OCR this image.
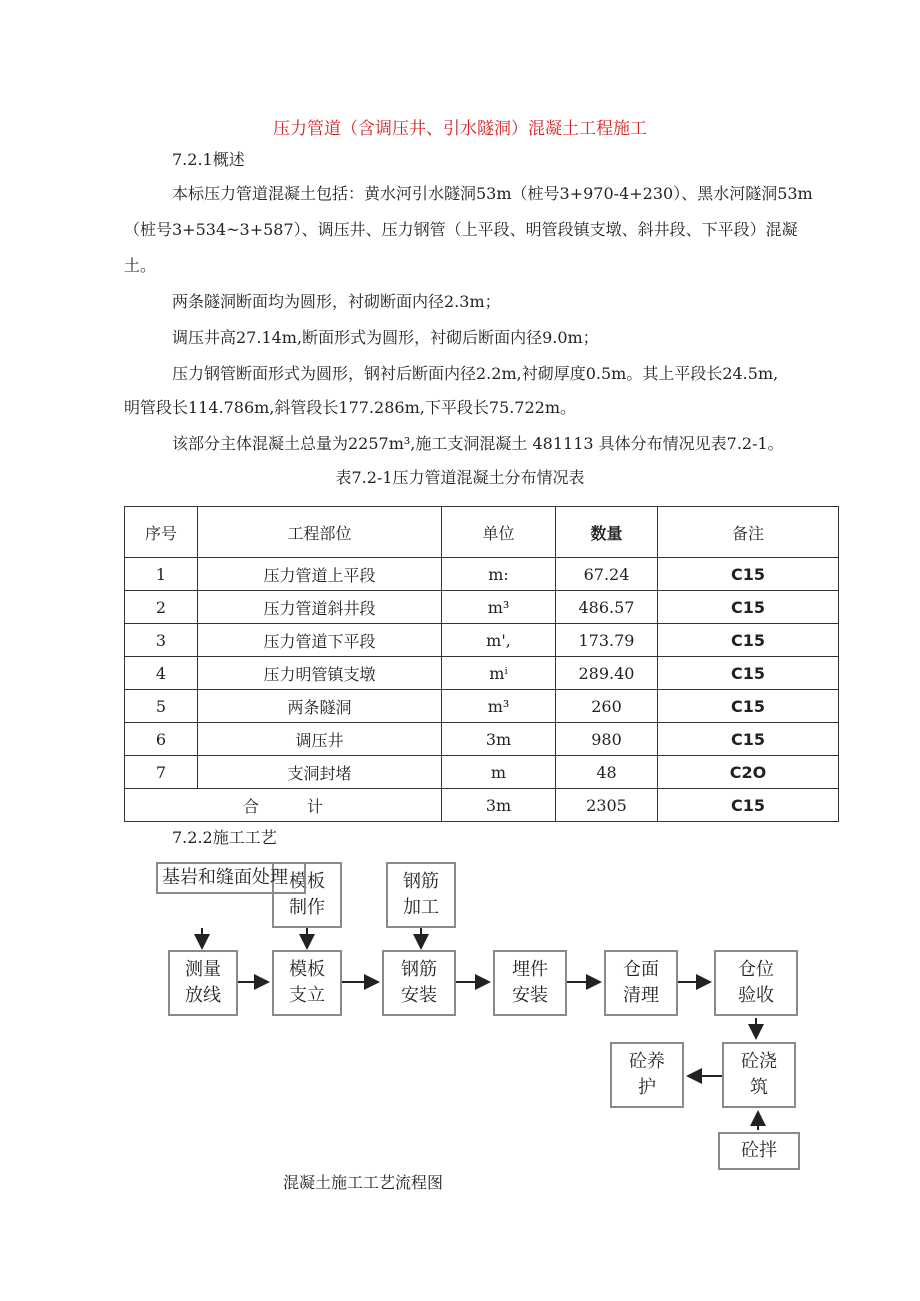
压力管道（含调压井、引水隧洞）混凝土工程施工
7.2.1概述
本标压力管道混凝土包括：黄水河引水隧洞53m（桩号3+970-4+230）、黑水河隧洞53m
（桩号3+534~3+587）、调压井、压力钢管（上平段、明管段镇支墩、斜井段、下平段）混凝
土。
两条隧洞断面均为圆形，衬砌断面内径2.3m；
调压井高27.14m,断面形式为圆形，衬砌后断面内径9.0m；
压力钢管断面形式为圆形，钢衬后断面内径2.2m,衬砌厚度0.5m。其上平段长24.5m,
明管段长114.786m,斜管段长177.286m,下平段长75.722m。
该部分主体混凝土总量为2257m³,施工支洞混凝土 481113 具体分布情况见表7.2-1。
表7.2-1压力管道混凝土分布情况表
序号	工程部位	单位	数量	备注
1	压力管道上平段	m:	67.24	C15
2	压力管道斜井段	m³	486.57	C15
3	压力管道下平段	m',	173.79	C15
4	压力明管镇支墩	mⁱ	289.40	C15
5	两条隧洞	m³	260	C15
6	调压井	3m	980	C15
7	支洞封堵	m	48	C2O
合　　　计		3m	2305	C15
7.2.2施工工艺
模板制作
基岩和缝面处理	钢筋加工
测量放线
模板支立
钢筋安装
埋件安装
仓面清理
仓位验收
砼浇筑
砼养护
砼拌
混凝土施工工艺流程图
